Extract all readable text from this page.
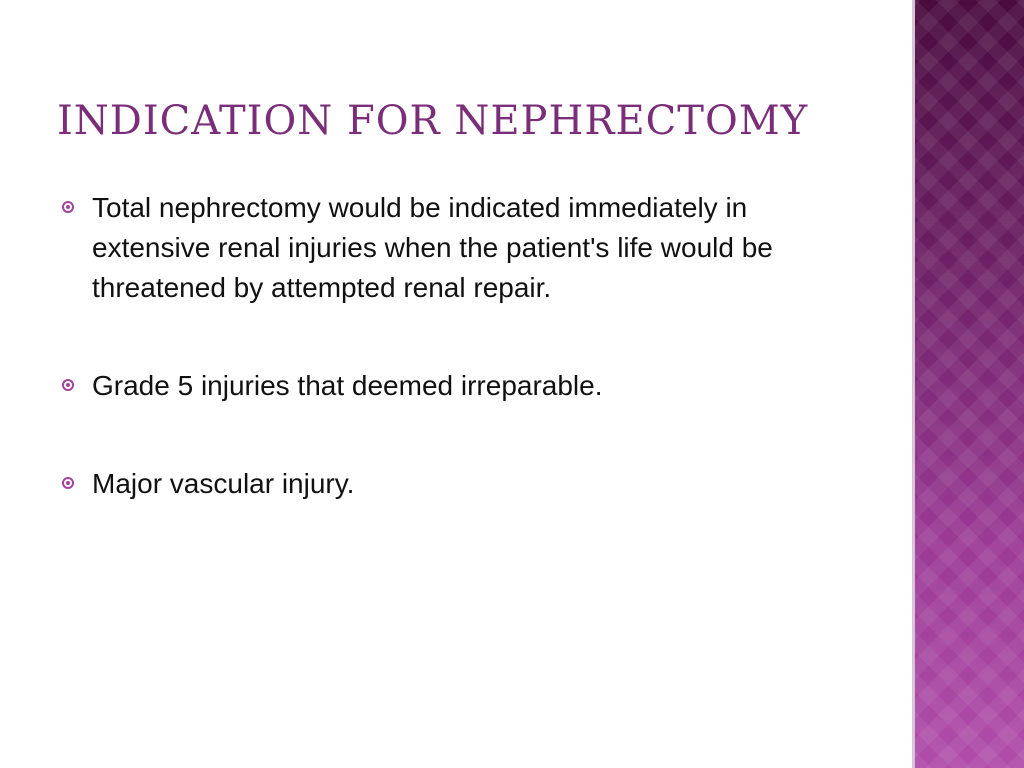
INDICATION FOR NEPHRECTOMY
Total nephrectomy would be indicated immediately in extensive renal injuries when the patient's life would be threatened by attempted renal repair.
Grade 5 injuries that deemed irreparable.
Major vascular injury.
